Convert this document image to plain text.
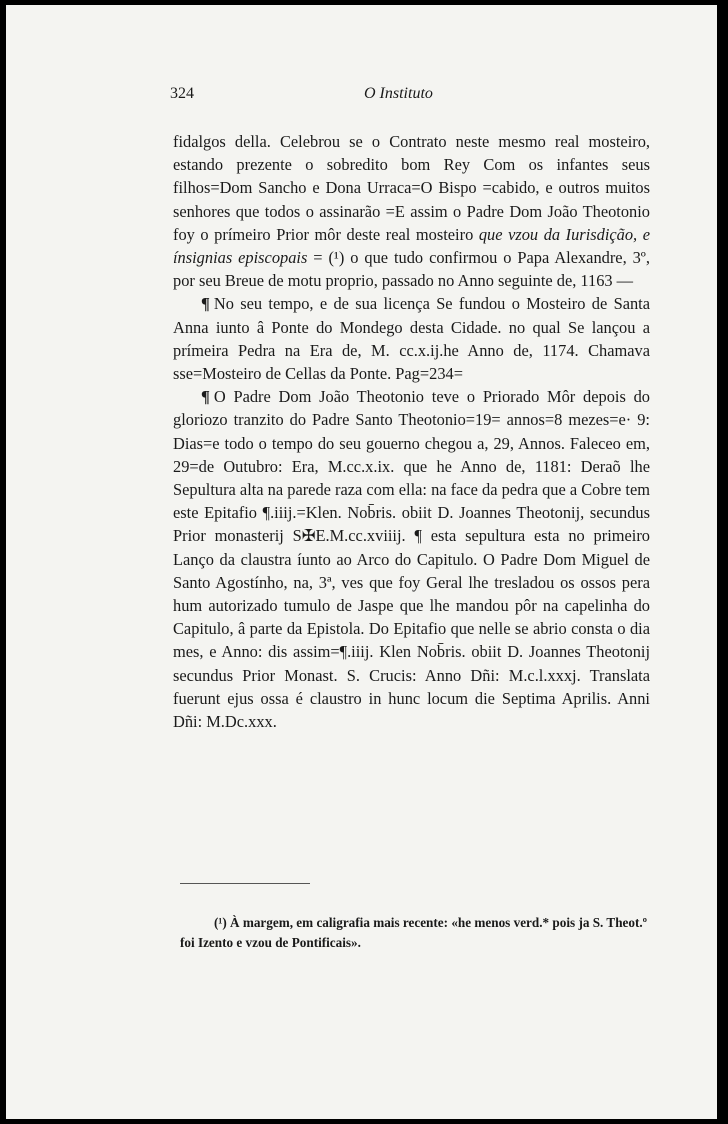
324	O Instituto

fidalgos della. Celebrou se o Contrato neste mesmo real mosteiro, estando prezente o sobredito bom Rey Com os infantes seus filhos=Dom Sancho e Dona Urraca=O Bispo =cabido, e outros muitos senhores que todos o assinarão =E assim o Padre Dom João Theotonio foy o prímeiro Prior môr deste real mosteiro que vzou da Iurisdição, e ínsignias episcopais = (¹) o que tudo confirmou o Papa Alexandre, 3º, por seu Breue de motu proprio, passado no Anno seguinte de, 1163 —

¶ No seu tempo, e de sua licença Se fundou o Mosteiro de Santa Anna iunto â Ponte do Mondego desta Cidade. no qual Se lançou a prímeira Pedra na Era de, M. cc.x.ij.he Anno de, 1174. Chamava sse=Mosteiro de Cellas da Ponte. Pag=234=

¶ O Padre Dom João Theotonio teve o Priorado Môr depois do gloriozo tranzito do Padre Santo Theotonio=19= annos=8 mezes=e· 9: Dias=e todo o tempo do seu gouerno chegou a, 29, Annos. Faleceo em, 29=de Outubro: Era, M.cc.x.ix. que he Anno de, 1181: Deraõ lhe Sepultura alta na parede raza com ella: na face da pedra que a Cobre tem este Epitafio ¶.iiij.=Klen. Nob̄ris. obiit D. Joannes Theotonij, secundus Prior monasterij S✠E.M.cc.xviiij. ¶ esta sepultura esta no primeiro Lanço da claustra íunto ao Arco do Capitulo. O Padre Dom Miguel de Santo Agostínho, na, 3ª, ves que foy Geral lhe tresladou os ossos pera hum autorizado tumulo de Jaspe que lhe mandou pôr na capelinha do Capitulo, â parte da Epistola. Do Epitafio que nelle se abrio consta o dia mes, e Anno: dis assim=¶.iiij. Klen Nob̄ris. obiit D. Joannes Theotonij secundus Prior Monast. S. Crucis: Anno Dñi: M.c.l.xxxj. Translata fuerunt ejus ossa é claustro in hunc locum die Septima Aprilis. Anni Dñi: M.Dc.xxx.

(¹) À margem, em caligrafia mais recente: «he menos verd.* pois ja S. Theot.º foi Izento e vzou de Pontificais».
